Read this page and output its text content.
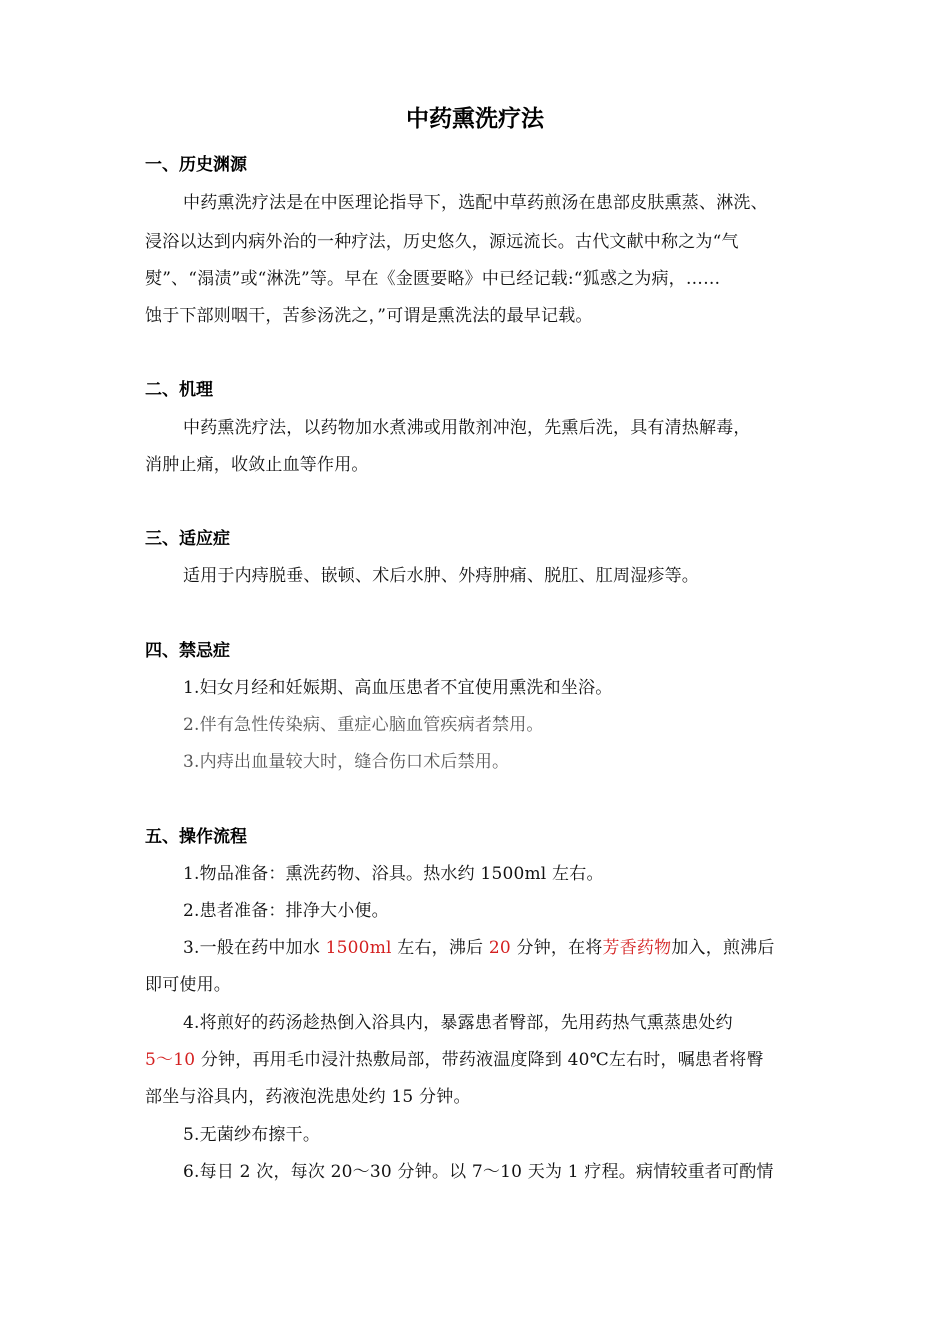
中药熏洗疗法
一、历史渊源
中药熏洗疗法是在中医理论指导下，选配中草药煎汤在患部皮肤熏蒸、淋洗、
浸浴以达到内病外治的一种疗法，历史悠久，源远流长。古代文献中称之为“气
熨”、“溻渍”或“淋洗”等。早在《金匮要略》中已经记载:“狐惑之为病，……
蚀于下部则咽干，苦参汤洗之，”可谓是熏洗法的最早记载。
二、机理
中药熏洗疗法，以药物加水煮沸或用散剂冲泡，先熏后洗，具有清热解毒，
消肿止痛，收敛止血等作用。
三、适应症
适用于内痔脱垂、嵌顿、术后水肿、外痔肿痛、脱肛、肛周湿疹等。
四、禁忌症
1.妇女月经和妊娠期、高血压患者不宜使用熏洗和坐浴。
2.伴有急性传染病、重症心脑血管疾病者禁用。
3.内痔出血量较大时，缝合伤口术后禁用。
五、操作流程
1.物品准备：熏洗药物、浴具。热水约 1500ml 左右。
2.患者准备：排净大小便。
3.一般在药中加水 1500ml 左右，沸后 20 分钟，在将芳香药物加入，煎沸后
即可使用。
4.将煎好的药汤趁热倒入浴具内，暴露患者臀部，先用药热气熏蒸患处约
5～10 分钟，再用毛巾浸汁热敷局部，带药液温度降到 40℃左右时，嘱患者将臀
部坐与浴具内，药液泡洗患处约 15 分钟。
5.无菌纱布擦干。
6.每日 2 次，每次 20～30 分钟。以 7～10 天为 1 疗程。病情较重者可酌情
